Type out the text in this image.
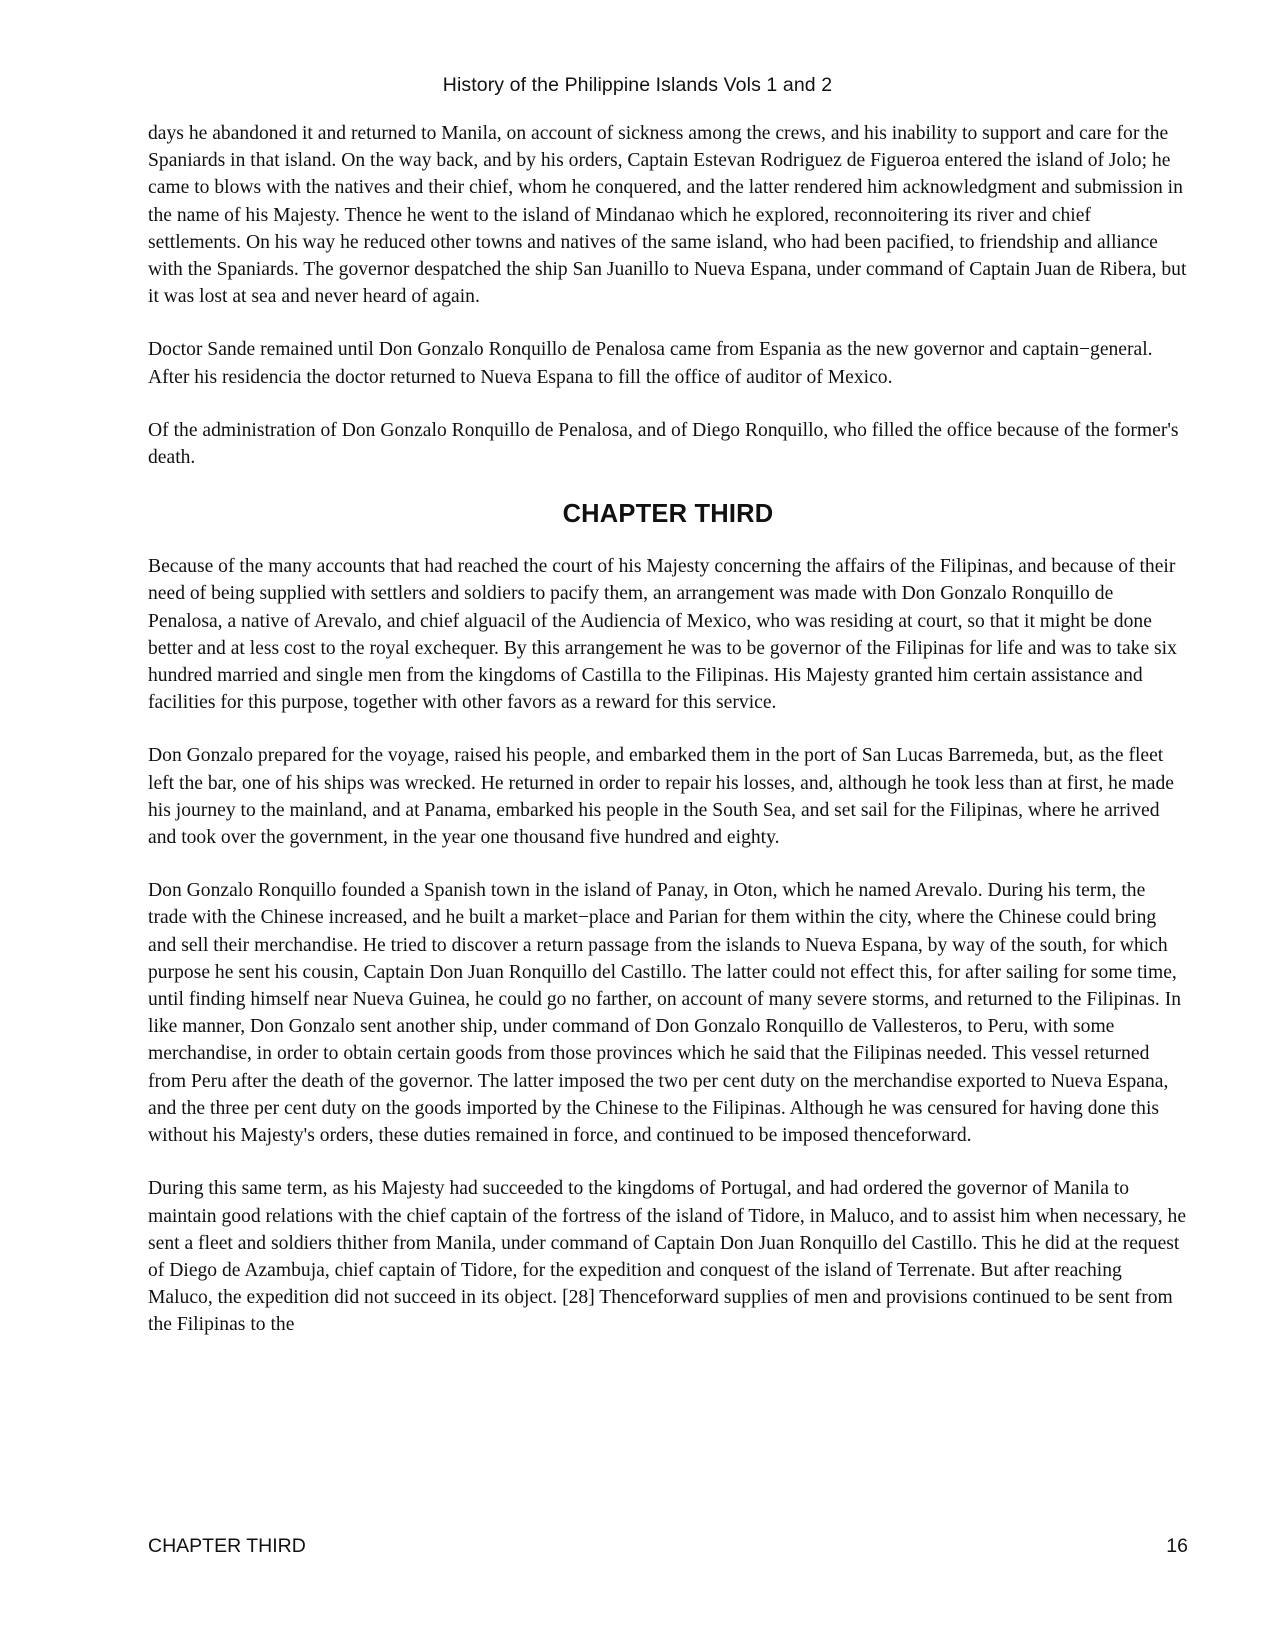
History of the Philippine Islands Vols 1 and 2

days he abandoned it and returned to Manila, on account of sickness among the crews, and his inability to support and care for the Spaniards in that island. On the way back, and by his orders, Captain Estevan Rodriguez de Figueroa entered the island of Jolo; he came to blows with the natives and their chief, whom he conquered, and the latter rendered him acknowledgment and submission in the name of his Majesty. Thence he went to the island of Mindanao which he explored, reconnoitering its river and chief settlements. On his way he reduced other towns and natives of the same island, who had been pacified, to friendship and alliance with the Spaniards. The governor despatched the ship San Juanillo to Nueva Espana, under command of Captain Juan de Ribera, but it was lost at sea and never heard of again.

Doctor Sande remained until Don Gonzalo Ronquillo de Penalosa came from Espania as the new governor and captain−general. After his residencia the doctor returned to Nueva Espana to fill the office of auditor of Mexico.

Of the administration of Don Gonzalo Ronquillo de Penalosa, and of Diego Ronquillo, who filled the office because of the former's death.

CHAPTER THIRD

Because of the many accounts that had reached the court of his Majesty concerning the affairs of the Filipinas, and because of their need of being supplied with settlers and soldiers to pacify them, an arrangement was made with Don Gonzalo Ronquillo de Penalosa, a native of Arevalo, and chief alguacil of the Audiencia of Mexico, who was residing at court, so that it might be done better and at less cost to the royal exchequer. By this arrangement he was to be governor of the Filipinas for life and was to take six hundred married and single men from the kingdoms of Castilla to the Filipinas. His Majesty granted him certain assistance and facilities for this purpose, together with other favors as a reward for this service.

Don Gonzalo prepared for the voyage, raised his people, and embarked them in the port of San Lucas Barremeda, but, as the fleet left the bar, one of his ships was wrecked. He returned in order to repair his losses, and, although he took less than at first, he made his journey to the mainland, and at Panama, embarked his people in the South Sea, and set sail for the Filipinas, where he arrived and took over the government, in the year one thousand five hundred and eighty.

Don Gonzalo Ronquillo founded a Spanish town in the island of Panay, in Oton, which he named Arevalo. During his term, the trade with the Chinese increased, and he built a market−place and Parian for them within the city, where the Chinese could bring and sell their merchandise. He tried to discover a return passage from the islands to Nueva Espana, by way of the south, for which purpose he sent his cousin, Captain Don Juan Ronquillo del Castillo. The latter could not effect this, for after sailing for some time, until finding himself near Nueva Guinea, he could go no farther, on account of many severe storms, and returned to the Filipinas. In like manner, Don Gonzalo sent another ship, under command of Don Gonzalo Ronquillo de Vallesteros, to Peru, with some merchandise, in order to obtain certain goods from those provinces which he said that the Filipinas needed. This vessel returned from Peru after the death of the governor. The latter imposed the two per cent duty on the merchandise exported to Nueva Espana, and the three per cent duty on the goods imported by the Chinese to the Filipinas. Although he was censured for having done this without his Majesty's orders, these duties remained in force, and continued to be imposed thenceforward.

During this same term, as his Majesty had succeeded to the kingdoms of Portugal, and had ordered the governor of Manila to maintain good relations with the chief captain of the fortress of the island of Tidore, in Maluco, and to assist him when necessary, he sent a fleet and soldiers thither from Manila, under command of Captain Don Juan Ronquillo del Castillo. This he did at the request of Diego de Azambuja, chief captain of Tidore, for the expedition and conquest of the island of Terrenate. But after reaching Maluco, the expedition did not succeed in its object. [28] Thenceforward supplies of men and provisions continued to be sent from the Filipinas to the

CHAPTER THIRD	16
